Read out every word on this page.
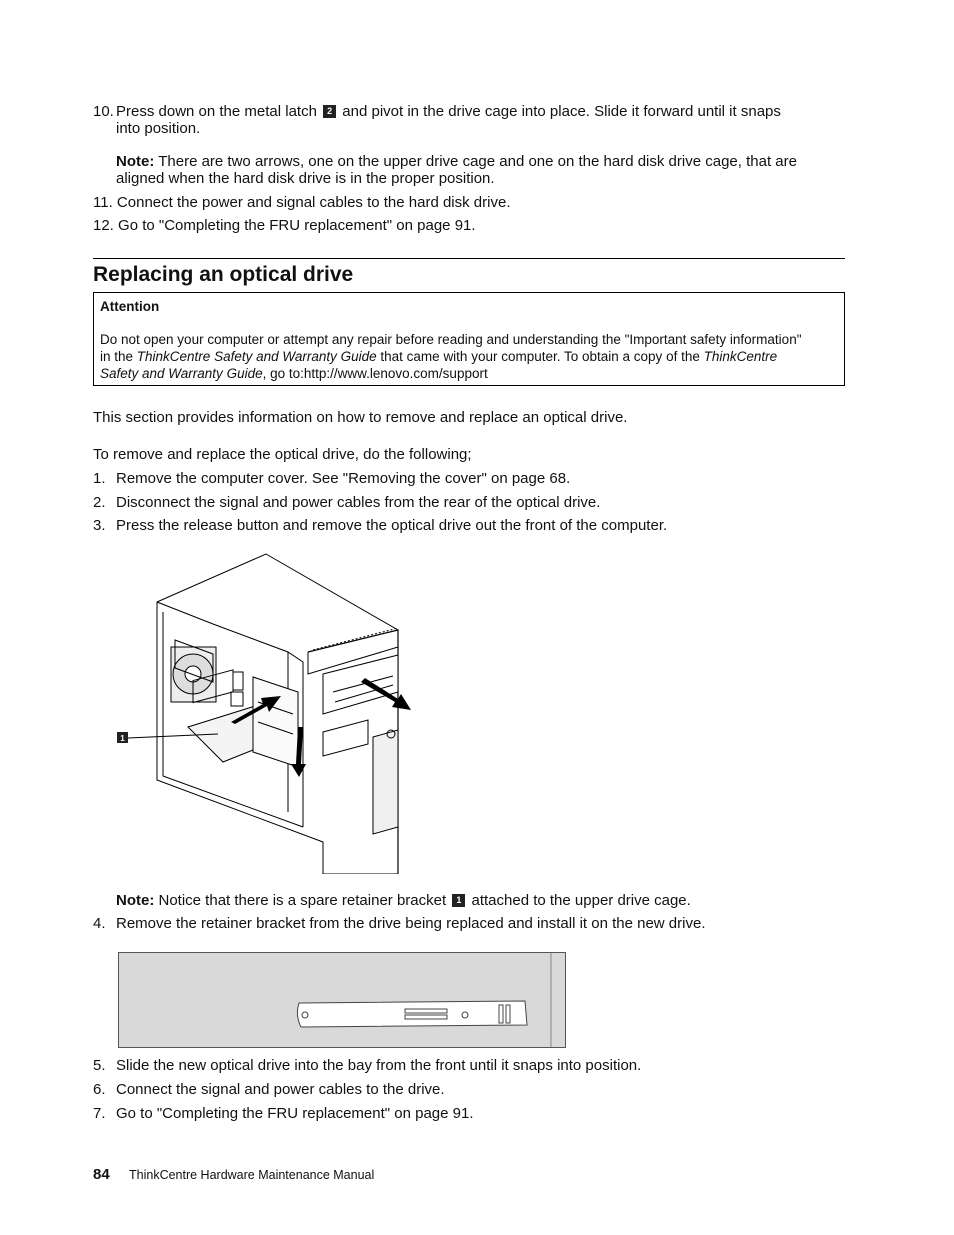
10. Press down on the metal latch 2 and pivot in the drive cage into place. Slide it forward until it snaps
into position.
Note: There are two arrows, one on the upper drive cage and one on the hard disk drive cage, that are
aligned when the hard disk drive is in the proper position.
11. Connect the power and signal cables to the hard disk drive.
12. Go to "Completing the FRU replacement" on page 91.
Replacing an optical drive
Attention
Do not open your computer or attempt any repair before reading and understanding the "Important safety information"
in the ThinkCentre Safety and Warranty Guide that came with your computer. To obtain a copy of the ThinkCentre
Safety and Warranty Guide, go to:http://www.lenovo.com/support
This section provides information on how to remove and replace an optical drive.
To remove and replace the optical drive, do the following;
1. Remove the computer cover. See "Removing the cover" on page 68.
2. Disconnect the signal and power cables from the rear of the optical drive.
3. Press the release button and remove the optical drive out the front of the computer.
1
Note: Notice that there is a spare retainer bracket 1 attached to the upper drive cage.
4. Remove the retainer bracket from the drive being replaced and install it on the new drive.
5. Slide the new optical drive into the bay from the front until it snaps into position.
6. Connect the signal and power cables to the drive.
7. Go to "Completing the FRU replacement" on page 91.
84 ThinkCentre Hardware Maintenance Manual
